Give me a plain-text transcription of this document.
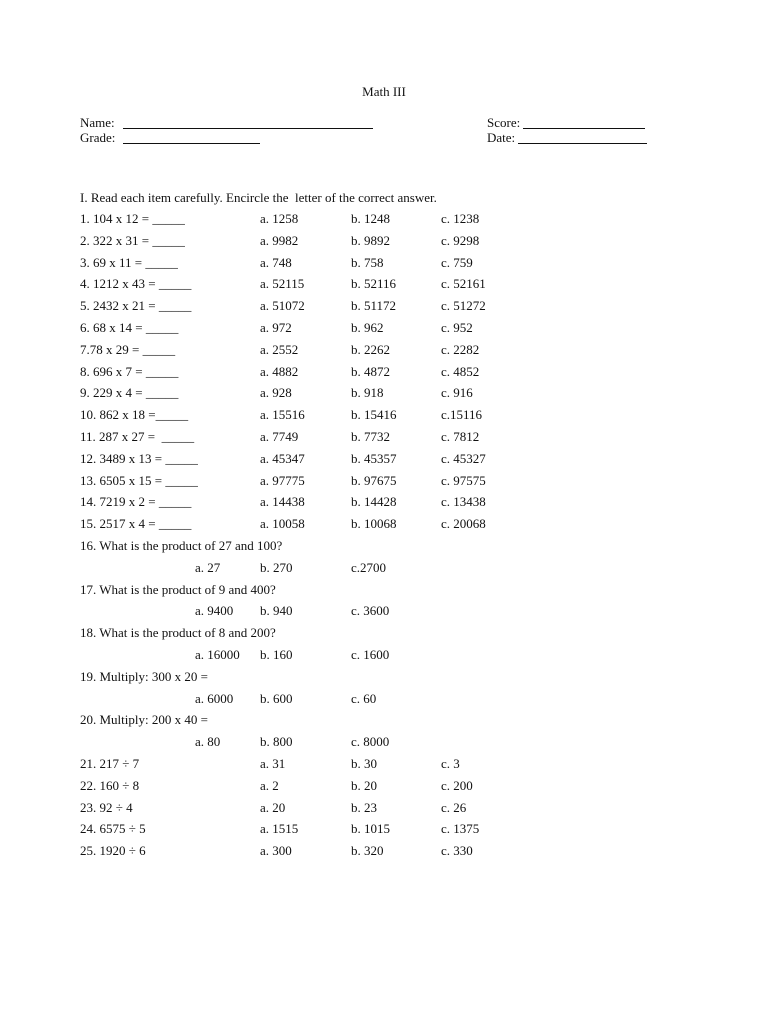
Math III
Name:	Score:
Grade:	Date:
I. Read each item carefully. Encircle the  letter of the correct answer.
1. 104 x 12 = _____	a. 1258	b. 1248	c. 1238
2. 322 x 31 = _____	a. 9982	b. 9892	c. 9298
3. 69 x 11 = _____	a. 748	b. 758	c. 759
4. 1212 x 43 = _____	a. 52115	b. 52116	c. 52161
5. 2432 x 21 = _____	a. 51072	b. 51172	c. 51272
6. 68 x 14 = _____	a. 972	b. 962	c. 952
7.78 x 29 = _____	a. 2552	b. 2262	c. 2282
8. 696 x 7 = _____	a. 4882	b. 4872	c. 4852
9. 229 x 4 = _____	a. 928	b. 918	c. 916
10. 862 x 18 =_____	a. 15516	b. 15416	c.15116
11. 287 x 27 =  _____	a. 7749	b. 7732	c. 7812
12. 3489 x 13 = _____	a. 45347	b. 45357	c. 45327
13. 6505 x 15 = _____	a. 97775	b. 97675	c. 97575
14. 7219 x 2 = _____	a. 14438	b. 14428	c. 13438
15. 2517 x 4 = _____	a. 10058	b. 10068	c. 20068
16. What is the product of 27 and 100?
a. 27	b. 270	c.2700
17. What is the product of 9 and 400?
a. 9400 b. 940	c. 3600
18. What is the product of 8 and 200?
a. 16000 b. 160	c. 1600
19. Multiply: 300 x 20 =
a. 6000 b. 600	c. 60
20. Multiply: 200 x 40 =
a. 80	b. 800	c. 8000
21. 217 ÷ 7	a. 31	b. 30	c. 3
22. 160 ÷ 8	a. 2	b. 20	c. 200
23. 92 ÷ 4	a. 20	b. 23	c. 26
24. 6575 ÷ 5	a. 1515	b. 1015	c. 1375
25. 1920 ÷ 6	a. 300	b. 320	c. 330
